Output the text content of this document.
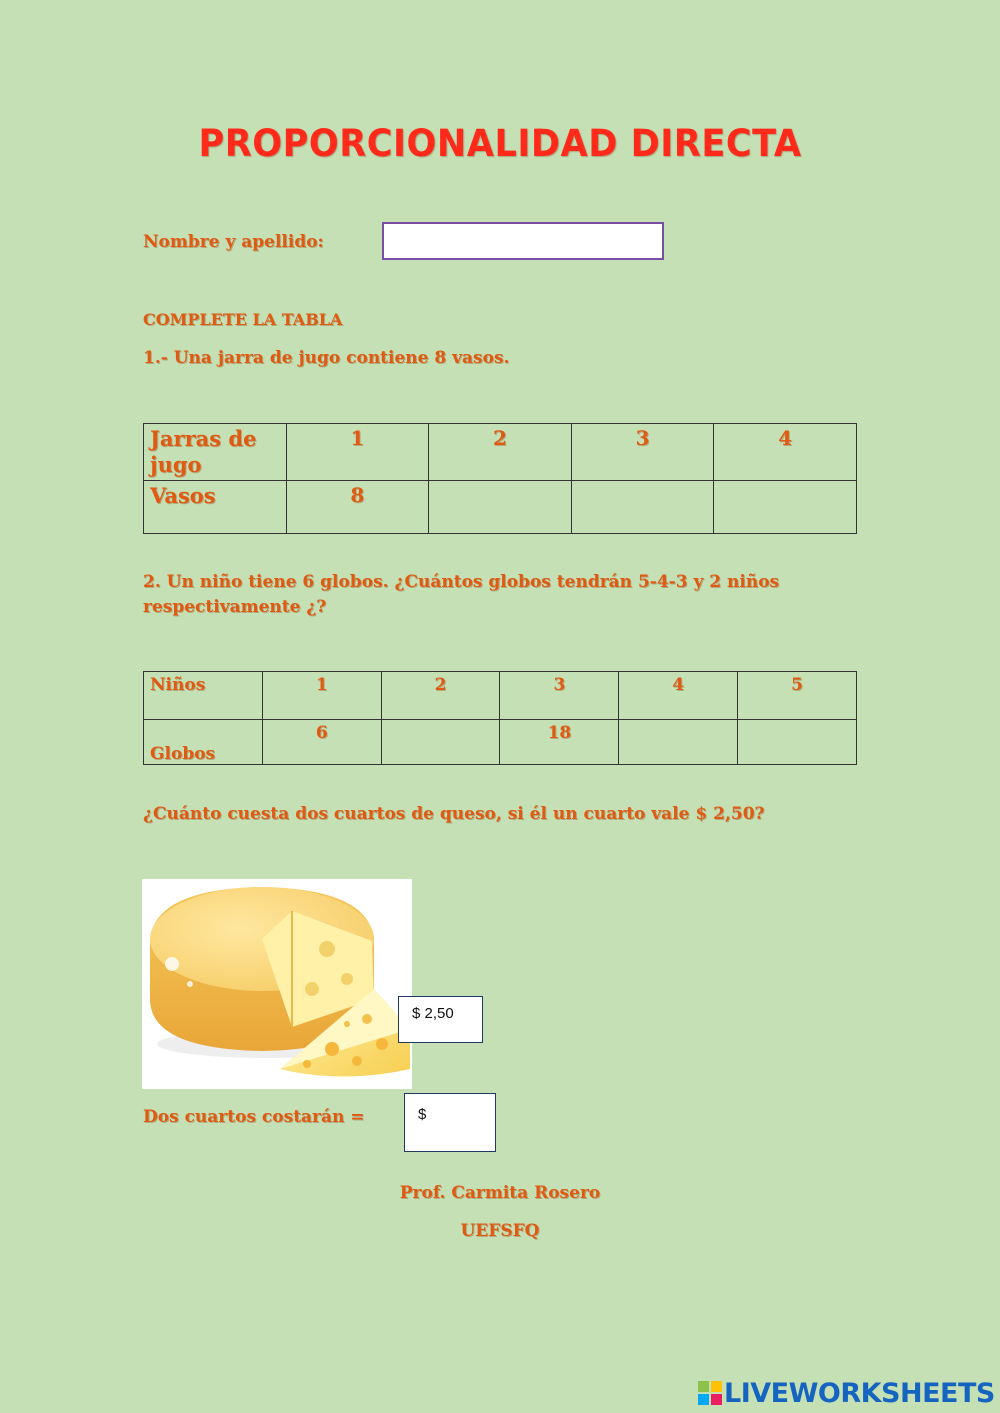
PROPORCIONALIDAD DIRECTA
Nombre y apellido:
COMPLETE LA TABLA
1.- Una jarra de jugo contiene 8 vasos.
Jarras de jugo	1	2	3	4
Vasos	8			
2. Un niño tiene 6 globos. ¿Cuántos globos tendrán 5-4-3 y 2 niños respectivamente ¿?
Niños	1	2	3	4	5
Globos	6		18		
¿Cuánto cuesta dos cuartos de queso, si él un cuarto vale $ 2,50?
$ 2,50
Dos cuartos costarán =	$
Prof. Carmita Rosero
UEFSFQ
LIVEWORKSHEETS
